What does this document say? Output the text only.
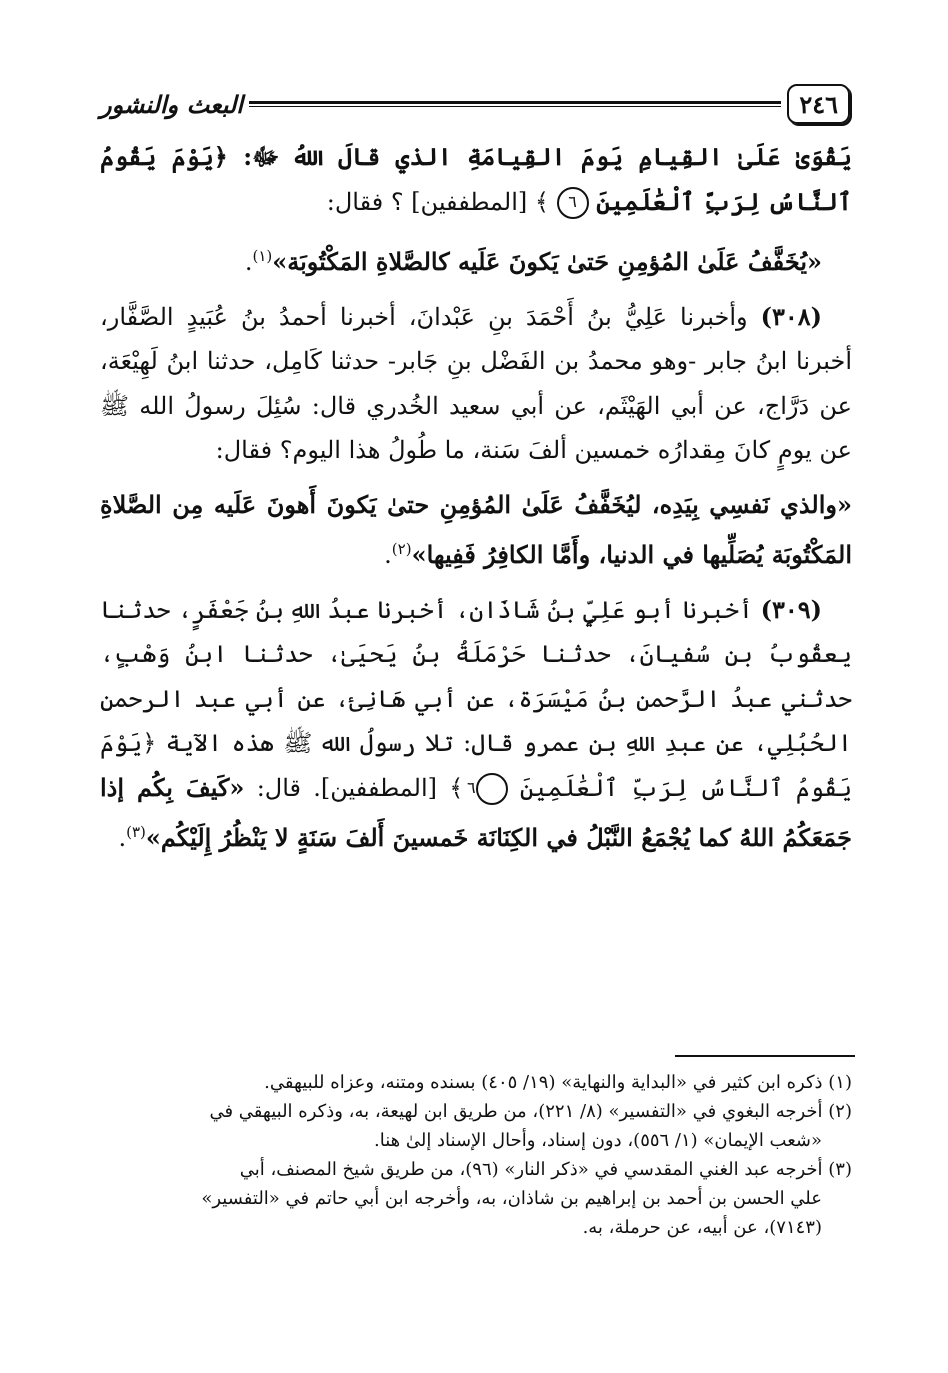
٢٤٦
البعث والنشور

يَقْوَىٰ عَلَىٰ القِيامِ يَومَ القِيامَةِ الذي قالَ اللهُ ﷻ: ﴿يَوْمَ يَقُومُ ٱلنَّاسُ لِرَبِّ ٱلْعَٰلَمِينَ ٦ ﴾ [المطففين] ؟ فقال:

«يُخَفَّفُ عَلَىٰ المُؤمِنِ حَتىٰ يَكونَ عَلَيه كالصَّلاةِ المَكْتُوبَة»$^{(١)}$.

(٣٠٨) وأخبرنا عَلِيُّ بنُ أَحْمَدَ بنِ عَبْدانَ، أخبرنا أحمدُ بنُ عُبَيدٍ الصَّفَّار، أخبرنا ابنُ جابر -وهو محمدُ بن الفَضْل بنِ جَابر- حدثنا كَامِل، حدثنا ابنُ لَهِيْعَة، عن دَرَّاج، عن أبي الهَيْثَم، عن أبي سعيد الخُدري قال: سُئِلَ رسولُ الله ﷺ عن يومٍ كانَ مِقدارُه خمسين ألفَ سَنة، ما طُولُ هذا اليوم؟ فقال:

«والذي نَفسِي بِيَدِه، ليُخَفَّفُ عَلَىٰ المُؤمِنِ حتىٰ يَكونَ أَهونَ عَلَيه مِن الصَّلاةِ المَكْتُوبَة يُصَلِّيها في الدنيا، وأَمَّا الكافِرُ فَفِيها»$^{(٢)}$.

(٣٠٩) أخبرنا أبو عَلِيٍّ بنُ شَاذَان، أخبرنا عبدُ اللهِ بنُ جَعْفَرٍ، حدثنا يعقُوبُ بن سُفيانَ، حدثنا حَرْمَلَةُ بنُ يَحيَىٰ، حدثنا ابنُ وَهْبٍ، حدثني عبدُ الرَّحمن بنُ مَيْسَرَة، عن أبي هَانِئ، عن أبي عبد الرحمن الحُبُلِي، عن عبدِ اللهِ بن عمرو قال: تلا رسولُ الله ﷺ هذه الآية ﴿يَوْمَ يَقُومُ ٱلنَّاسُ لِرَبِّ ٱلْعَٰلَمِينَ ٦ ﴾ [المطففين]. قال: «كَيفَ بِكُم إذا جَمَعَكُمُ اللهُ كما يُجْمَعُ النَّبْلُ في الكِنَانَة خَمسينَ أَلفَ سَنَةٍ لا يَنْظُرُ إِلَيْكُم»$^{(٣)}$.

(١) ذكره ابن كثير في «البداية والنهاية» (١٩/ ٤٠٥) بسنده ومتنه، وعزاه للبيهقي.

(٢) أخرجه البغوي في «التفسير» (٨/ ٢٢١)، من طريق ابن لهيعة، به، وذكره البيهقي في

«شعب الإيمان» (١/ ٥٥٦)، دون إسناد، وأحال الإسناد إلىٰ هنا.

(٣) أخرجه عبد الغني المقدسي في «ذكر النار» (٩٦)، من طريق شيخ المصنف، أبي

علي الحسن بن أحمد بن إبراهيم بن شاذان، به، وأخرجه ابن أبي حاتم في «التفسير»

(٧١٤٣)، عن أبيه، عن حرملة، به.
